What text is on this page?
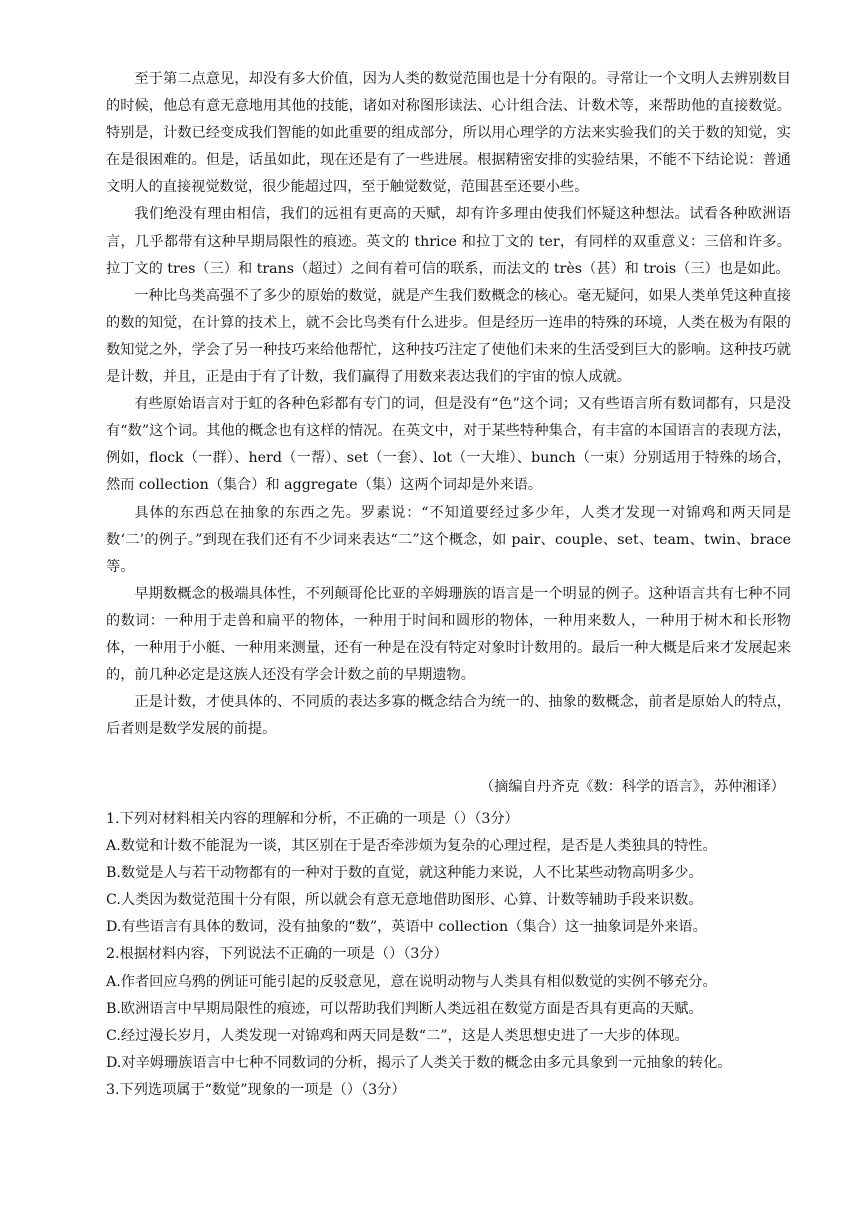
至于第二点意见，却没有多大价值，因为人类的数觉范围也是十分有限的。寻常让一个文明人去辨别数目的时候，他总有意无意地用其他的技能，诸如对称图形读法、心计组合法、计数术等，来帮助他的直接数觉。特别是，计数已经变成我们智能的如此重要的组成部分，所以用心理学的方法来实验我们的关于数的知觉，实在是很困难的。但是，话虽如此，现在还是有了一些进展。根据精密安排的实验结果，不能不下结论说：普通文明人的直接视觉数觉，很少能超过四，至于触觉数觉，范围甚至还要小些。

我们绝没有理由相信，我们的远祖有更高的天赋，却有许多理由使我们怀疑这种想法。试看各种欧洲语言，几乎都带有这种早期局限性的痕迹。英文的 thrice 和拉丁文的 ter，有同样的双重意义：三倍和许多。拉丁文的 tres（三）和 trans（超过）之间有着可信的联系，而法文的 très（甚）和 trois（三）也是如此。

一种比鸟类高强不了多少的原始的数觉，就是产生我们数概念的核心。毫无疑问，如果人类单凭这种直接的数的知觉，在计算的技术上，就不会比鸟类有什么进步。但是经历一连串的特殊的环境，人类在极为有限的数知觉之外，学会了另一种技巧来给他帮忙，这种技巧注定了使他们未来的生活受到巨大的影响。这种技巧就是计数，并且，正是由于有了计数，我们赢得了用数来表达我们的宇宙的惊人成就。

有些原始语言对于虹的各种色彩都有专门的词，但是没有“色”这个词；又有些语言所有数词都有，只是没有“数”这个词。其他的概念也有这样的情况。在英文中，对于某些特种集合，有丰富的本国语言的表现方法，例如，flock（一群）、herd（一帮）、set（一套）、lot（一大堆）、bunch（一束）分别适用于特殊的场合，然而 collection（集合）和 aggregate（集）这两个词却是外来语。

具体的东西总在抽象的东西之先。罗素说：“不知道要经过多少年，人类才发现一对锦鸡和两天同是数‘二’的例子。”到现在我们还有不少词来表达“二”这个概念，如 pair、couple、set、team、twin、brace 等。

早期数概念的极端具体性，不列颠哥伦比亚的辛姆珊族的语言是一个明显的例子。这种语言共有七种不同的数词：一种用于走兽和扁平的物体，一种用于时间和圆形的物体，一种用来数人，一种用于树木和长形物体，一种用于小艇、一种用来测量，还有一种是在没有特定对象时计数用的。最后一种大概是后来才发展起来的，前几种必定是这族人还没有学会计数之前的早期遗物。

正是计数，才使具体的、不同质的表达多寡的概念结合为统一的、抽象的数概念，前者是原始人的特点，后者则是数学发展的前提。

（摘编自丹齐克《数：科学的语言》，苏仲湘译）
1.下列对材料相关内容的理解和分析，不正确的一项是（）（3分）
A.数觉和计数不能混为一谈，其区别在于是否牵涉烦为复杂的心理过程，是否是人类独具的特性。
B.数觉是人与若干动物都有的一种对于数的直觉，就这种能力来说，人不比某些动物高明多少。
C.人类因为数觉范围十分有限，所以就会有意无意地借助图形、心算、计数等辅助手段来识数。
D.有些语言有具体的数词，没有抽象的“数”，英语中 collection（集合）这一抽象词是外来语。
2.根据材料内容，下列说法不正确的一项是（）（3分）
A.作者回应乌鸦的例证可能引起的反驳意见，意在说明动物与人类具有相似数觉的实例不够充分。
B.欧洲语言中早期局限性的痕迹，可以帮助我们判断人类远祖在数觉方面是否具有更高的天赋。
C.经过漫长岁月，人类发现一对锦鸡和两天同是数“二”，这是人类思想史进了一大步的体现。
D.对辛姆珊族语言中七种不同数词的分析，揭示了人类关于数的概念由多元具象到一元抽象的转化。
3.下列选项属于“数觉”现象的一项是（）（3分）
